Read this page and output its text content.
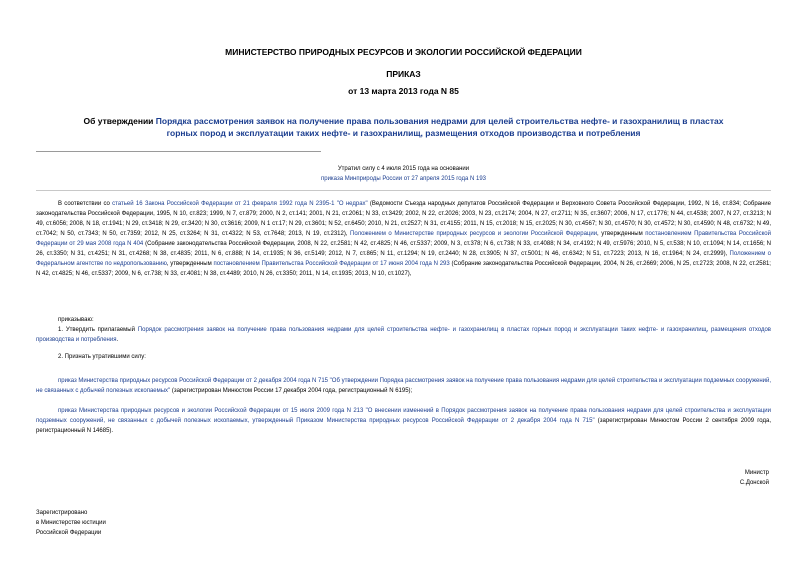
МИНИСТЕРСТВО ПРИРОДНЫХ РЕСУРСОВ И ЭКОЛОГИИ РОССИЙСКОЙ ФЕДЕРАЦИИ
ПРИКАЗ
от 13 марта 2013 года N 85
Об утверждении Порядка рассмотрения заявок на получение права пользования недрами для целей строительства нефте- и газохранилищ в пластах горных пород и эксплуатации таких нефте- и газохранилищ, размещения отходов производства и потребления
Утратил силу с 4 июля 2015 года на основании
приказа Минприроды России от 27 апреля 2015 года N 193
В соответствии со статьей 16 Закона Российской Федерации от 21 февраля 1992 года N 2395-1 "О недрах" (Ведомости Съезда народных депутатов Российской Федерации и Верховного Совета Российской Федерации, 1992, N 16, ст.834; Собрание законодательства Российской Федерации, 1995, N 10, ст.823; 1999, N 7, ст.879; 2000, N 2, ст.141; 2001, N 21, ст.2061; N 33, ст.3429; 2002, N 22, ст.2026; 2003, N 23, ст.2174; 2004, N 27, ст.2711; N 35, ст.3607; 2006, N 17, ст.1776; N 44, ст.4538; 2007, N 27, ст.3213; N 49, ст.6056; 2008, N 18, ст.1941; N 29, ст.3418; N 29, ст.3420; N 30, ст.3616; 2009, N 1 ст.17; N 29, ст.3601; N 52, ст.6450; 2010, N 21, ст.2527; N 31, ст.4155; 2011, N 15, ст.2018; N 15, ст.2025; N 30, ст.4567; N 30, ст.4570; N 30, ст.4572; N 30, ст.4590; N 48, ст.6732; N 49, ст.7042; N 50, ст.7343; N 50, ст.7359; 2012, N 25, ст.3264; N 31, ст.4322; N 53, ст.7648; 2013, N 19, ст.2312), Положением о Министерстве природных ресурсов и экологии Российской Федерации, утвержденным постановлением Правительства Российской Федерации от 29 мая 2008 года N 404 (Собрание законодательства Российской Федерации, 2008, N 22, ст.2581; N 42, ст.4825; N 46, ст.5337; 2009, N 3, ст.378; N 6, ст.738; N 33, ст.4088; N 34, ст.4192; N 49, ст.5976; 2010, N 5, ст.538; N 10, ст.1094; N 14, ст.1656; N 26, ст.3350; N 31, ст.4251; N 31, ст.4268; N 38, ст.4835; 2011, N 6, ст.888; N 14, ст.1935; N 36, ст.5149; 2012, N 7, ст.865; N 11, ст.1294; N 19, ст.2440; N 28, ст.3905; N 37, ст.5001; N 46, ст.6342; N 51, ст.7223; 2013, N 16, ст.1964; N 24, ст.2999), Положением о Федеральном агентстве по недропользованию, утвержденным постановлением Правительства Российской Федерации от 17 июня 2004 года N 293 (Собрание законодательства Российской Федерации, 2004, N 26, ст.2669; 2006, N 25, ст.2723; 2008, N 22, ст.2581; N 42, ст.4825; N 46, ст.5337; 2009, N 6, ст.738; N 33, ст.4081; N 38, ст.4489; 2010, N 26, ст.3350; 2011, N 14, ст.1935; 2013, N 10, ст.1027),
приказываю:
1. Утвердить прилагаемый Порядок рассмотрения заявок на получение права пользования недрами для целей строительства нефте- и газохранилищ в пластах горных пород и эксплуатации таких нефте- и газохранилищ, размещения отходов производства и потребления.
2. Признать утратившими силу:
приказ Министерства природных ресурсов Российской Федерации от 2 декабря 2004 года N 715 "Об утверждении Порядка рассмотрения заявок на получение права пользования недрами для целей строительства и эксплуатации подземных сооружений, не связанных с добычей полезных ископаемых" (зарегистрирован Минюстом России 17 декабря 2004 года, регистрационный N 6195);
приказ Министерства природных ресурсов и экологии Российской Федерации от 15 июля 2009 года N 213 "О внесении изменений в Порядок рассмотрения заявок на получение права пользования недрами для целей строительства и эксплуатации подземных сооружений, не связанных с добычей полезных ископаемых, утвержденный Приказом Министерства природных ресурсов Российской Федерации от 2 декабря 2004 года N 715" (зарегистрирован Минюстом России 2 сентября 2009 года, регистрационный N 14685).
Министр
С.Донской
Зарегистрировано
в Министерстве юстиции
Российской Федерации
